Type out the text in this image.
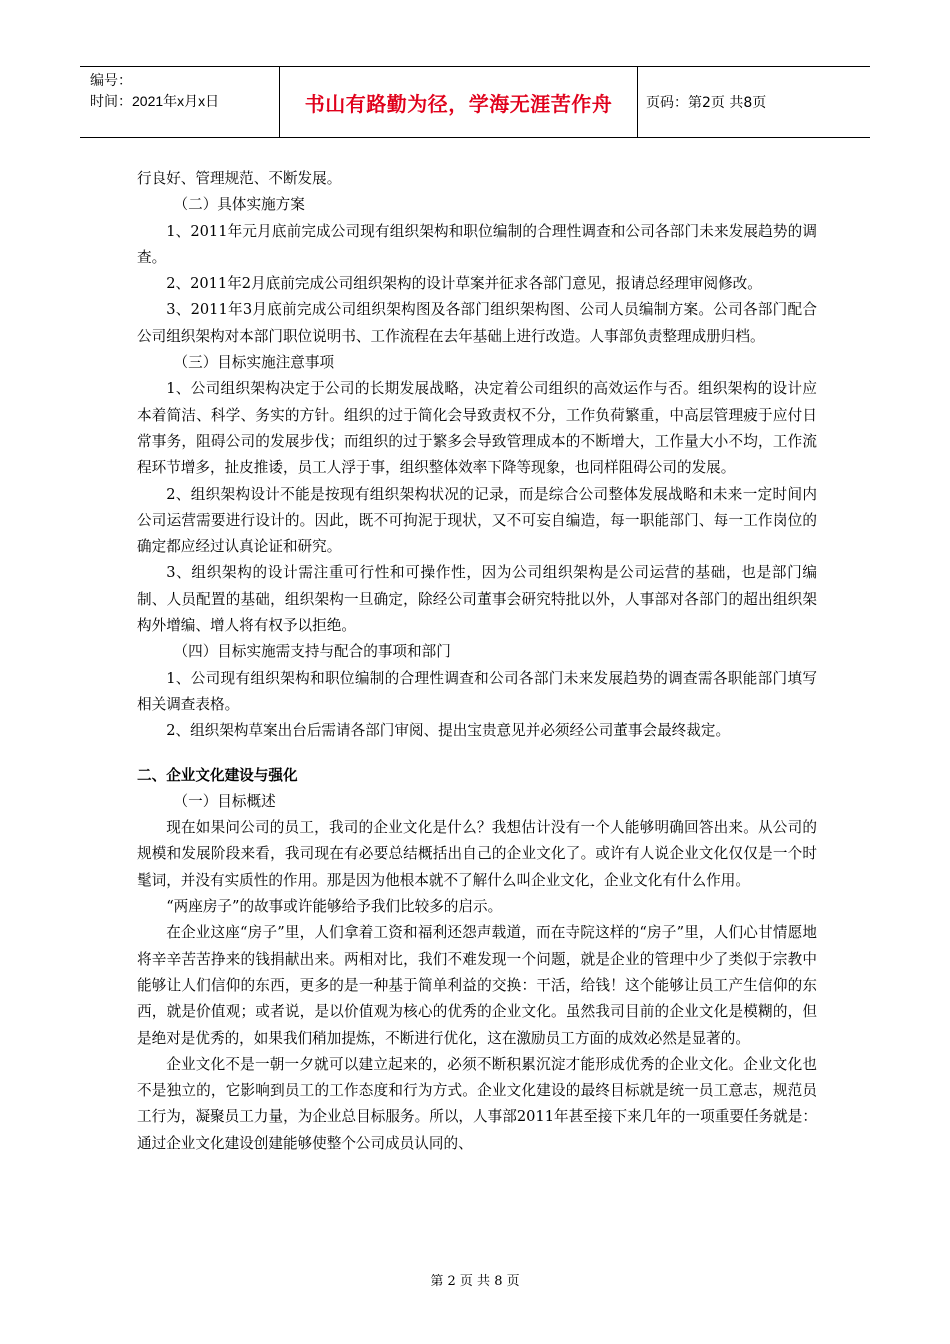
编号：
时间：2021年x月x日	书山有路勤为径，学海无涯苦作舟	页码：第2页 共8页

行良好、管理规范、不断发展。

（二）具体实施方案

1、2011年元月底前完成公司现有组织架构和职位编制的合理性调查和公司各部门未来发展趋势的调查。

2、2011年2月底前完成公司组织架构的设计草案并征求各部门意见，报请总经理审阅修改。

3、2011年3月底前完成公司组织架构图及各部门组织架构图、公司人员编制方案。公司各部门配合公司组织架构对本部门职位说明书、工作流程在去年基础上进行改造。人事部负责整理成册归档。

（三）目标实施注意事项

1、公司组织架构决定于公司的长期发展战略，决定着公司组织的高效运作与否。组织架构的设计应本着简洁、科学、务实的方针。组织的过于简化会导致责权不分，工作负荷繁重，中高层管理疲于应付日常事务，阻碍公司的发展步伐；而组织的过于繁多会导致管理成本的不断增大，工作量大小不均，工作流程环节增多，扯皮推诿，员工人浮于事，组织整体效率下降等现象，也同样阻碍公司的发展。

2、组织架构设计不能是按现有组织架构状况的记录，而是综合公司整体发展战略和未来一定时间内公司运营需要进行设计的。因此，既不可拘泥于现状，又不可妄自编造，每一职能部门、每一工作岗位的确定都应经过认真论证和研究。

3、组织架构的设计需注重可行性和可操作性，因为公司组织架构是公司运营的基础，也是部门编制、人员配置的基础，组织架构一旦确定，除经公司董事会研究特批以外，人事部对各部门的超出组织架构外增编、增人将有权予以拒绝。

（四）目标实施需支持与配合的事项和部门

1、公司现有组织架构和职位编制的合理性调查和公司各部门未来发展趋势的调查需各职能部门填写相关调查表格。

2、组织架构草案出台后需请各部门审阅、提出宝贵意见并必须经公司董事会最终裁定。

二、企业文化建设与强化

（一）目标概述

现在如果问公司的员工，我司的企业文化是什么？我想估计没有一个人能够明确回答出来。从公司的规模和发展阶段来看，我司现在有必要总结概括出自己的企业文化了。或许有人说企业文化仅仅是一个时髦词，并没有实质性的作用。那是因为他根本就不了解什么叫企业文化，企业文化有什么作用。

“两座房子”的故事或许能够给予我们比较多的启示。

在企业这座“房子”里，人们拿着工资和福利还怨声载道，而在寺院这样的“房子”里，人们心甘情愿地将辛辛苦苦挣来的钱捐献出来。两相对比，我们不难发现一个问题，就是企业的管理中少了类似于宗教中能够让人们信仰的东西，更多的是一种基于简单利益的交换：干活，给钱！这个能够让员工产生信仰的东西，就是价值观；或者说，是以价值观为核心的优秀的企业文化。虽然我司目前的企业文化是模糊的，但是绝对是优秀的，如果我们稍加提炼，不断进行优化，这在激励员工方面的成效必然是显著的。

企业文化不是一朝一夕就可以建立起来的，必须不断积累沉淀才能形成优秀的企业文化。企业文化也不是独立的，它影响到员工的工作态度和行为方式。企业文化建设的最终目标就是统一员工意志，规范员工行为，凝聚员工力量，为企业总目标服务。所以，人事部2011年甚至接下来几年的一项重要任务就是：通过企业文化建设创建能够使整个公司成员认同的、

第 2 页 共 8 页
